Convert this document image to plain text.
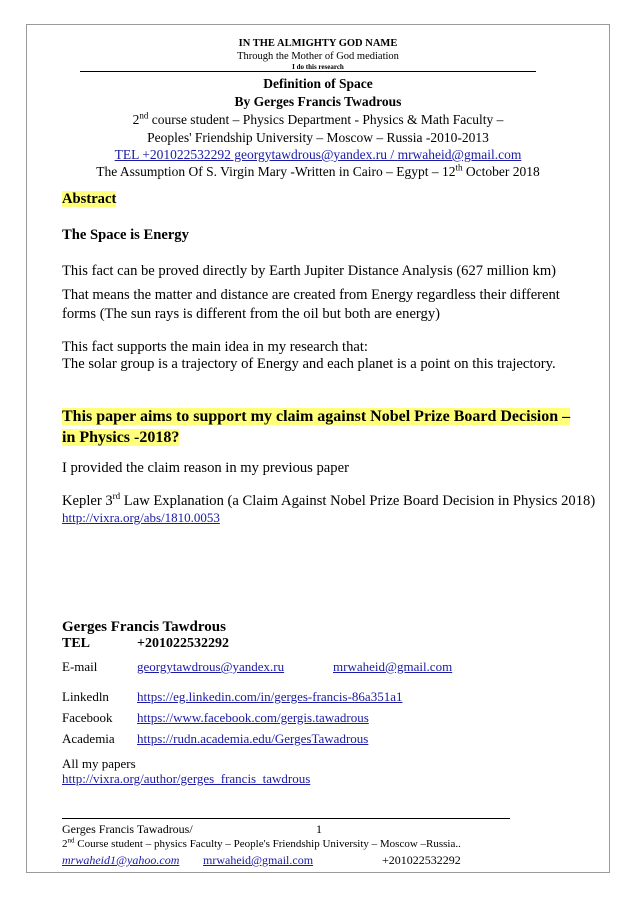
IN THE ALMIGHTY GOD NAME
Through the Mother of God mediation
I do this research
Definition of Space
By Gerges Francis Twadrous
2nd course student – Physics Department - Physics & Math Faculty –
Peoples' Friendship University – Moscow – Russia -2010-2013
TEL +201022532292 georgytawdrous@yandex.ru / mrwaheid@gmail.com
The Assumption Of S. Virgin Mary -Written in Cairo – Egypt – 12th October 2018
Abstract
The Space is Energy
This fact can be proved directly by Earth Jupiter Distance Analysis (627 million km)
That means the matter and distance are created from Energy regardless their different
forms (The sun rays is different from the oil but both are energy)
This fact supports the main idea in my research that:
The solar group is a trajectory of Energy and each planet is a point on this trajectory.
This paper aims to support my claim against Nobel Prize Board Decision –
in Physics -2018?
I provided the claim reason in my previous paper
Kepler 3rd Law Explanation (a Claim Against Nobel Prize Board Decision in Physics 2018)
http://vixra.org/abs/1810.0053
Gerges Francis Tawdrous
TEL	+201022532292
E-mail	georgytawdrous@yandex.ru	mrwaheid@gmail.com
Linkedln https://eg.linkedin.com/in/gerges-francis-86a351a1
Facebook https://www.facebook.com/gergis.tawadrous
Academia https://rudn.academia.edu/GergesTawadrous
All my papers
http://vixra.org/author/gerges_francis_tawdrous
Gerges Francis Tawadrous/	1
2nd Course student – physics Faculty – People's Friendship University – Moscow –Russia..
mrwaheid1@yahoo.com mrwaheid@gmail.com	+201022532292
